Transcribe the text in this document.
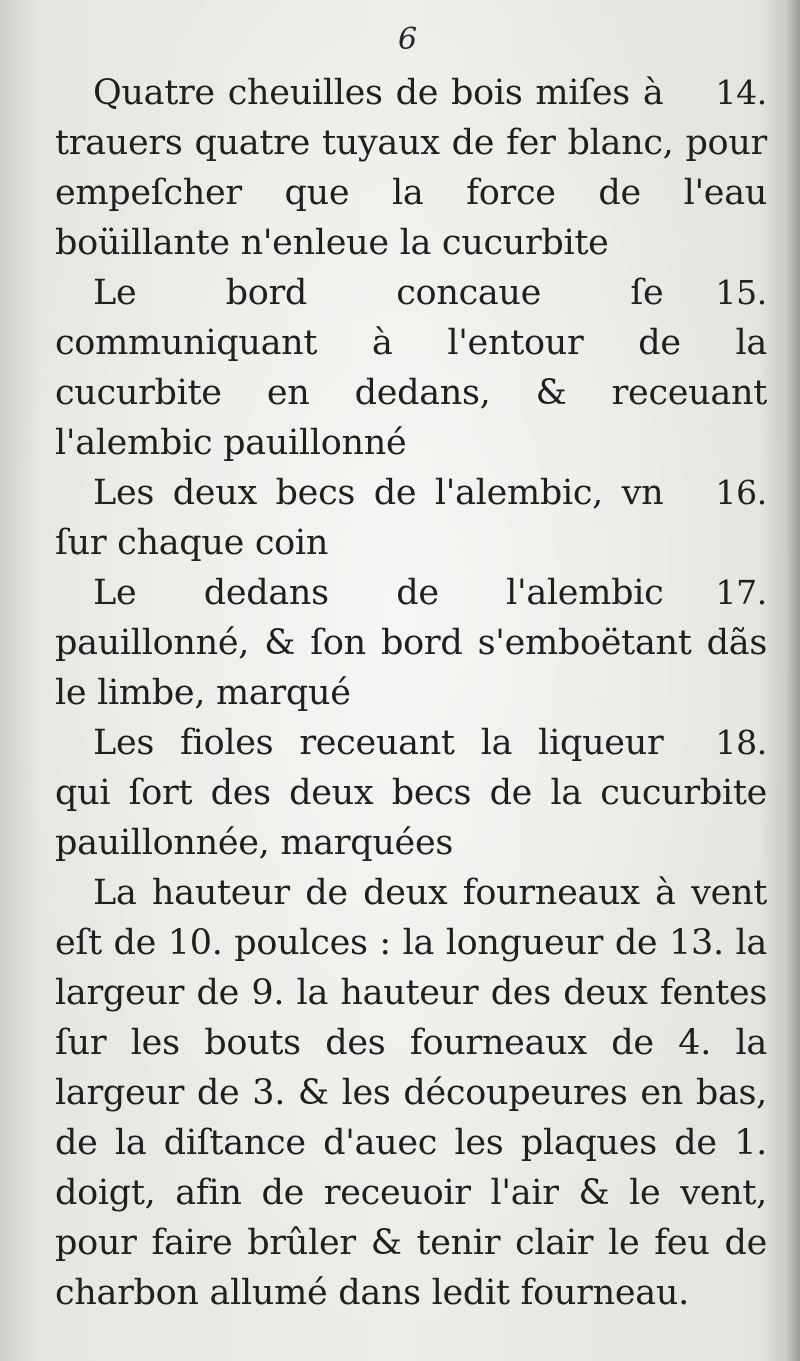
6
14.
Quatre cheuilles de bois miſes à trauers quatre tuyaux de fer blanc, pour empeſcher que la force de l'eau boüillante n'enleue la cucurbite
15.
Le bord concaue ſe communiquant à l'entour de la cucurbite en dedans, & receuant l'alembic pauillonné
16.
Les deux becs de l'alembic, vn ſur chaque coin
17.
Le dedans de l'alembic pauillonné, & ſon bord s'emboëtant dãs le limbe, marqué
18.
Les fioles receuant la liqueur qui ſort des deux becs de la cucurbite pauillonnée, marquées
La hauteur de deux fourneaux à vent eſt de 10. poulces : la longueur de 13. la largeur de 9. la hauteur des deux fentes ſur les bouts des fourneaux de 4. la largeur de 3. & les découpeures en bas, de la diſtance d'auec les plaques de 1. doigt, afin de receuoir l'air & le vent, pour faire brûler & tenir clair le feu de charbon allumé dans ledit fourneau.
